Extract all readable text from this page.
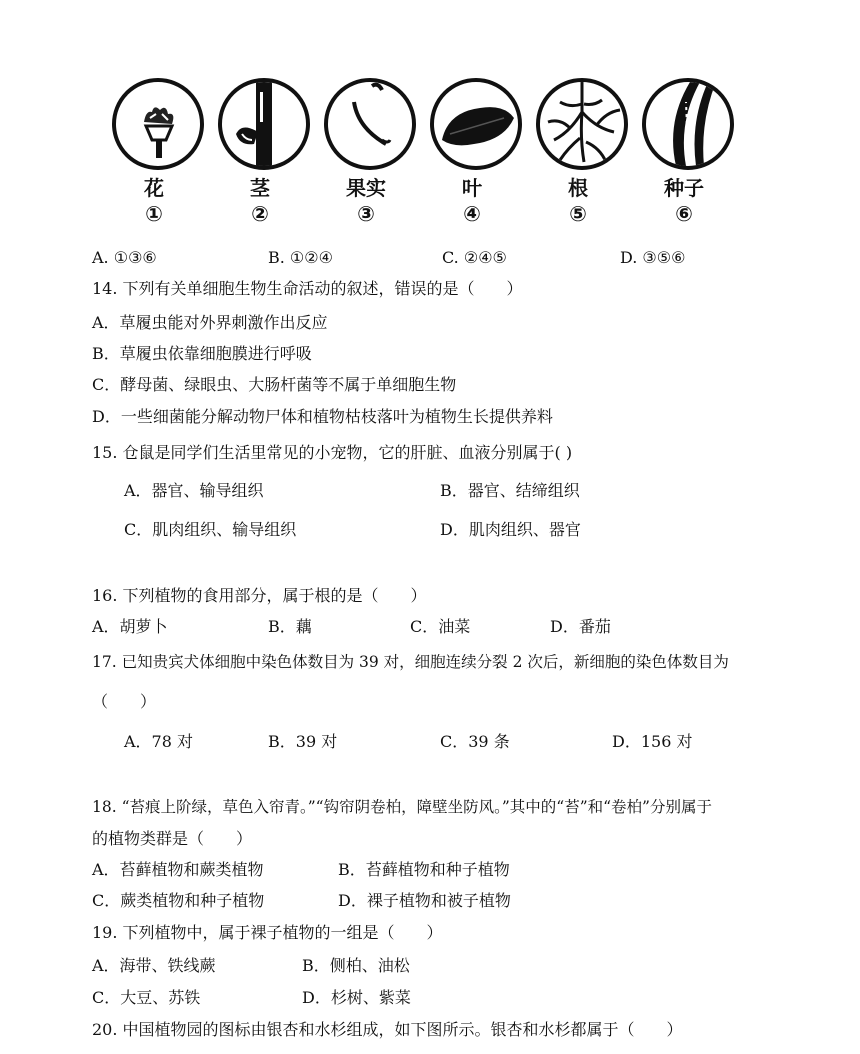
花	茎	果实	叶	根	种子
①	②	③	④	⑤	⑥
A. ①③⑥	B. ①②④	C. ②④⑤	D. ③⑤⑥
14. 下列有关单细胞生物生命活动的叙述，错误的是（　　）
A．草履虫能对外界刺激作出反应
B．草履虫依靠细胞膜进行呼吸
C．酵母菌、绿眼虫、大肠杆菌等不属于单细胞生物
D．一些细菌能分解动物尸体和植物枯枝落叶为植物生长提供养料
15. 仓鼠是同学们生活里常见的小宠物，它的肝脏、血液分别属于( )
A．器官、输导组织	B．器官、结缔组织
C．肌肉组织、输导组织	D．肌肉组织、器官
16. 下列植物的食用部分，属于根的是（　　）
A．胡萝卜	B．藕	C．油菜	D．番茄
17. 已知贵宾犬体细胞中染色体数目为 39 对，细胞连续分裂 2 次后，新细胞的染色体数目为
（　　）
A．78 对	B．39 对	C．39 条	D．156 对
18. “苔痕上阶绿，草色入帘青。”“钩帘阴卷柏，障壁坐防风。”其中的“苔”和“卷柏”分别属于
的植物类群是（　　）
A．苔藓植物和蕨类植物	B．苔藓植物和种子植物
C．蕨类植物和种子植物	D．裸子植物和被子植物
19. 下列植物中，属于裸子植物的一组是（　　）
A．海带、铁线蕨	B．侧柏、油松
C．大豆、苏铁	D．杉树、紫菜
20. 中国植物园的图标由银杏和水杉组成，如下图所示。银杏和水杉都属于（　　）
